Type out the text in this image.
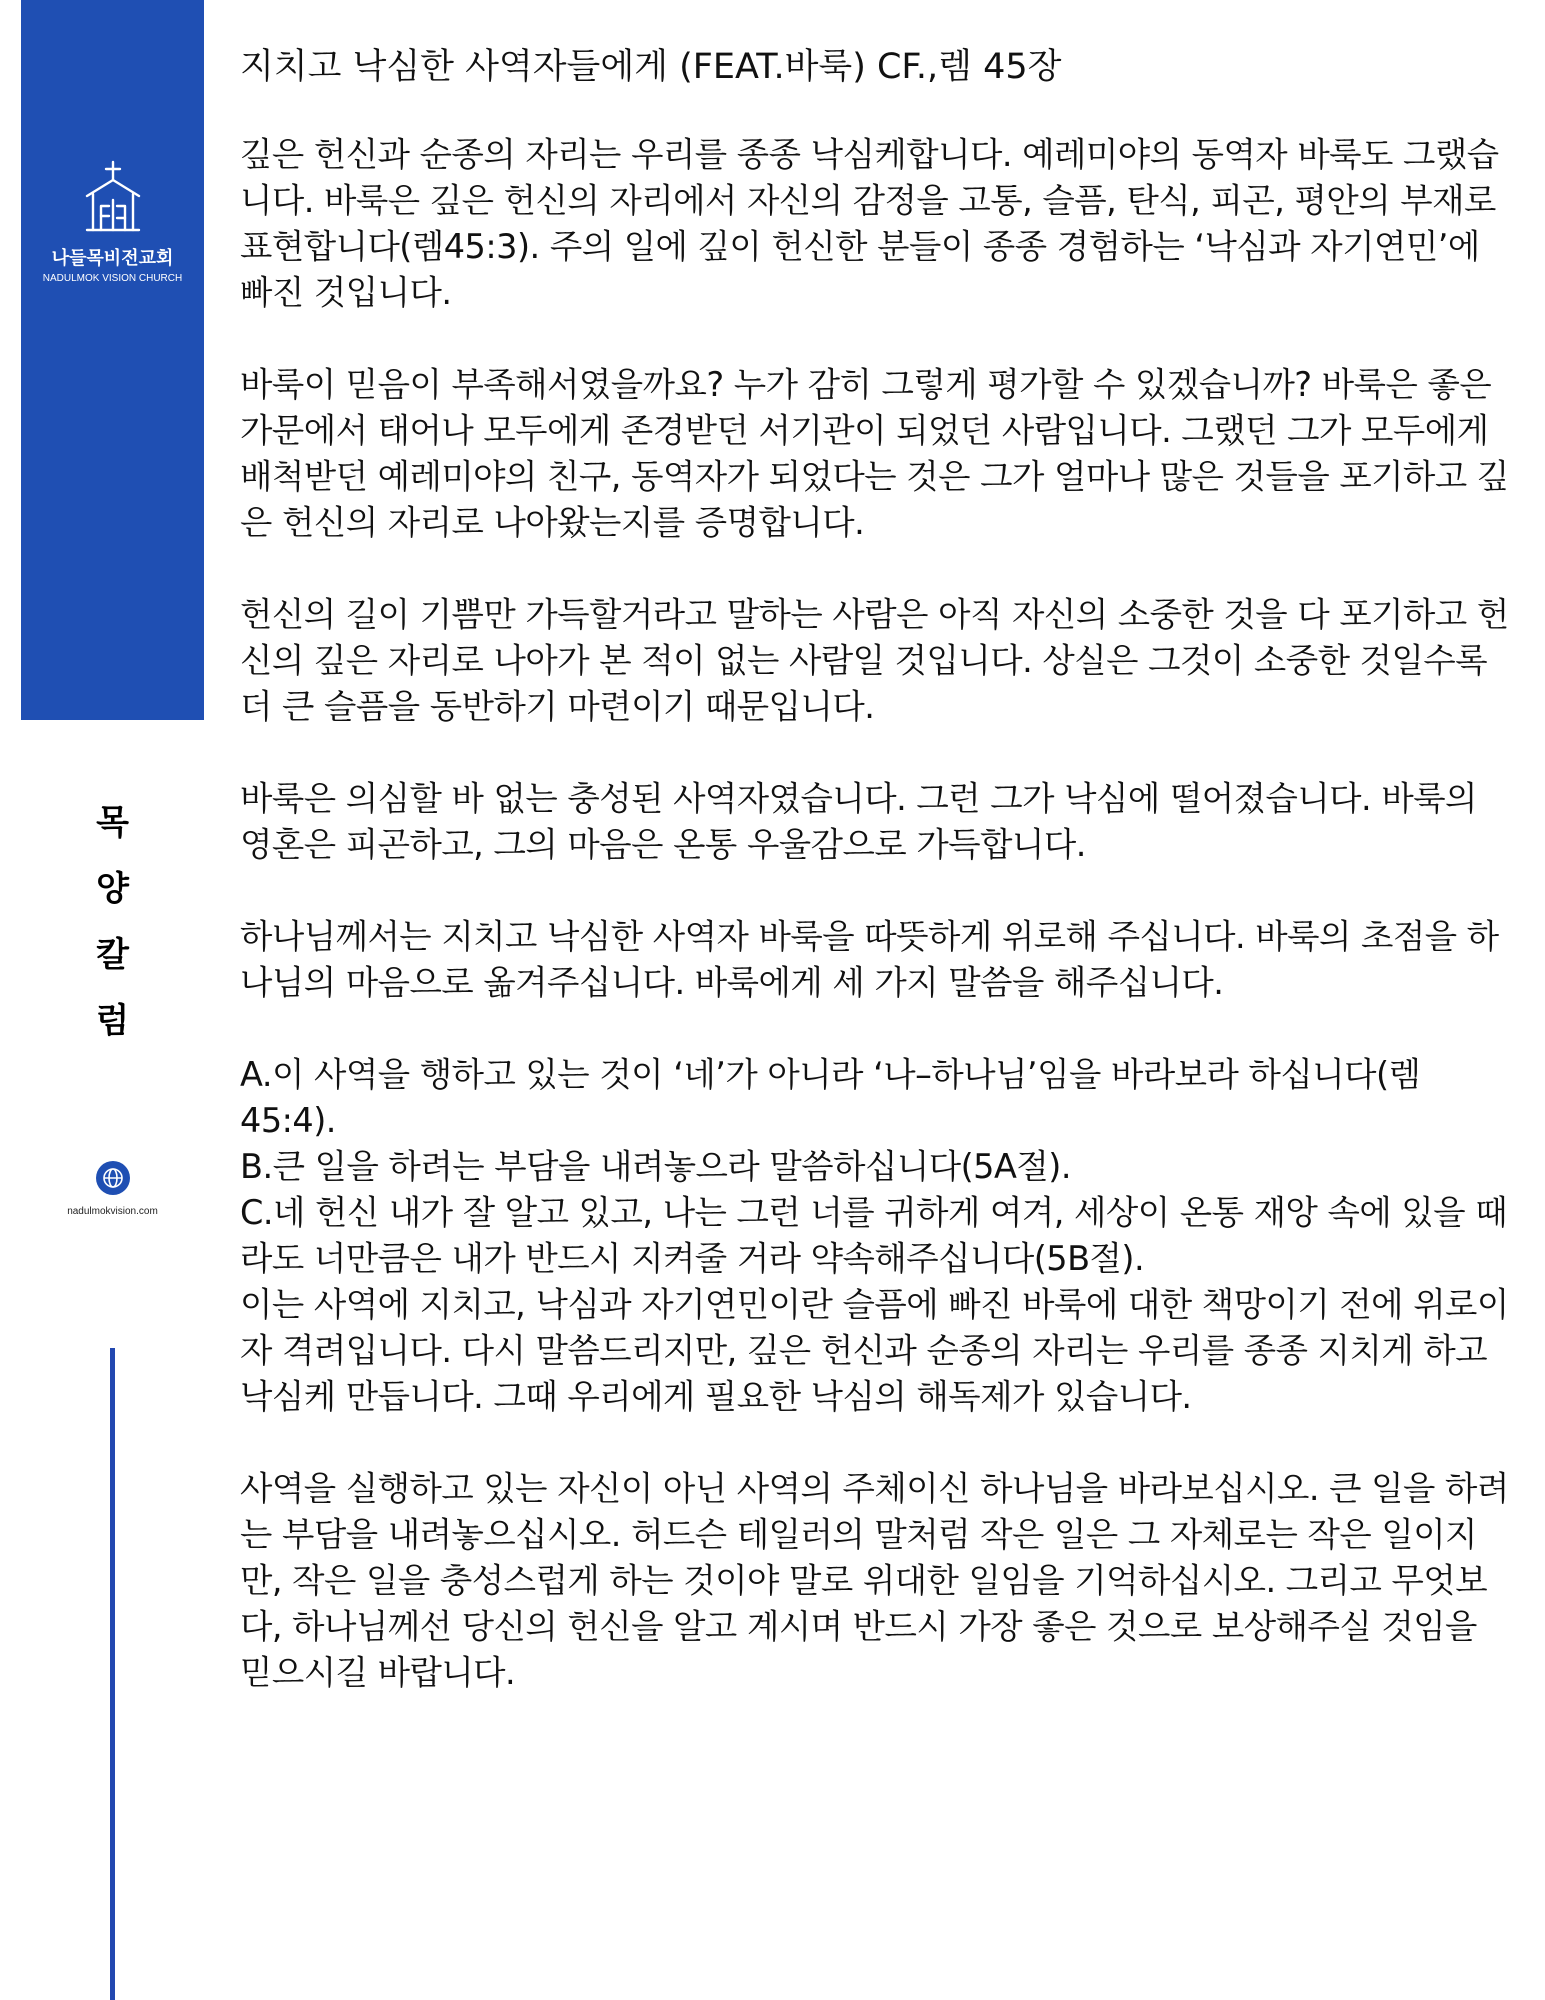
나들목비전교회
NADULMOK VISION CHURCH
목
양
칼
럼
nadulmokvision.com
지치고 낙심한 사역자들에게 (FEAT.바룩) CF.,렘 45장

깊은 헌신과 순종의 자리는 우리를 종종 낙심케합니다. 예레미야의 동역자 바룩도 그랬습니다. 바룩은 깊은 헌신의 자리에서 자신의 감정을 고통, 슬픔, 탄식, 피곤, 평안의 부재로 표현합니다(렘45:3). 주의 일에 깊이 헌신한 분들이 종종 경험하는 ‘낙심과 자기연민’에 빠진 것입니다.

바룩이 믿음이 부족해서였을까요? 누가 감히 그렇게 평가할 수 있겠습니까? 바룩은 좋은 가문에서 태어나 모두에게 존경받던 서기관이 되었던 사람입니다. 그랬던 그가 모두에게 배척받던 예레미야의 친구, 동역자가 되었다는 것은 그가 얼마나 많은 것들을 포기하고 깊은 헌신의 자리로 나아왔는지를 증명합니다.

헌신의 길이 기쁨만 가득할거라고 말하는 사람은 아직 자신의 소중한 것을 다 포기하고 헌신의 깊은 자리로 나아가 본 적이 없는 사람일 것입니다. 상실은 그것이 소중한 것일수록 더 큰 슬픔을 동반하기 마련이기 때문입니다.

바룩은 의심할 바 없는 충성된 사역자였습니다. 그런 그가 낙심에 떨어졌습니다. 바룩의 영혼은 피곤하고, 그의 마음은 온통 우울감으로 가득합니다.

하나님께서는 지치고 낙심한 사역자 바룩을 따뜻하게 위로해 주십니다. 바룩의 초점을 하나님의 마음으로 옮겨주십니다. 바룩에게 세 가지 말씀을 해주십니다.

A.이 사역을 행하고 있는 것이 ‘네’가 아니라 ‘나–하나님’임을 바라보라 하십니다(렘45:4).

B.큰 일을 하려는 부담을 내려놓으라 말씀하십니다(5A절).

C.네 헌신 내가 잘 알고 있고, 나는 그런 너를 귀하게 여겨, 세상이 온통 재앙 속에 있을 때라도 너만큼은 내가 반드시 지켜줄 거라 약속해주십니다(5B절).

이는 사역에 지치고, 낙심과 자기연민이란 슬픔에 빠진 바룩에 대한 책망이기 전에 위로이자 격려입니다. 다시 말씀드리지만, 깊은 헌신과 순종의 자리는 우리를 종종 지치게 하고 낙심케 만듭니다. 그때 우리에게 필요한 낙심의 해독제가 있습니다.

사역을 실행하고 있는 자신이 아닌 사역의 주체이신 하나님을 바라보십시오. 큰 일을 하려는 부담을 내려놓으십시오. 허드슨 테일러의 말처럼 작은 일은 그 자체로는 작은 일이지만, 작은 일을 충성스럽게 하는 것이야 말로 위대한 일임을 기억하십시오. 그리고 무엇보다, 하나님께선 당신의 헌신을 알고 계시며 반드시 가장 좋은 것으로 보상해주실 것임을 믿으시길 바랍니다.
